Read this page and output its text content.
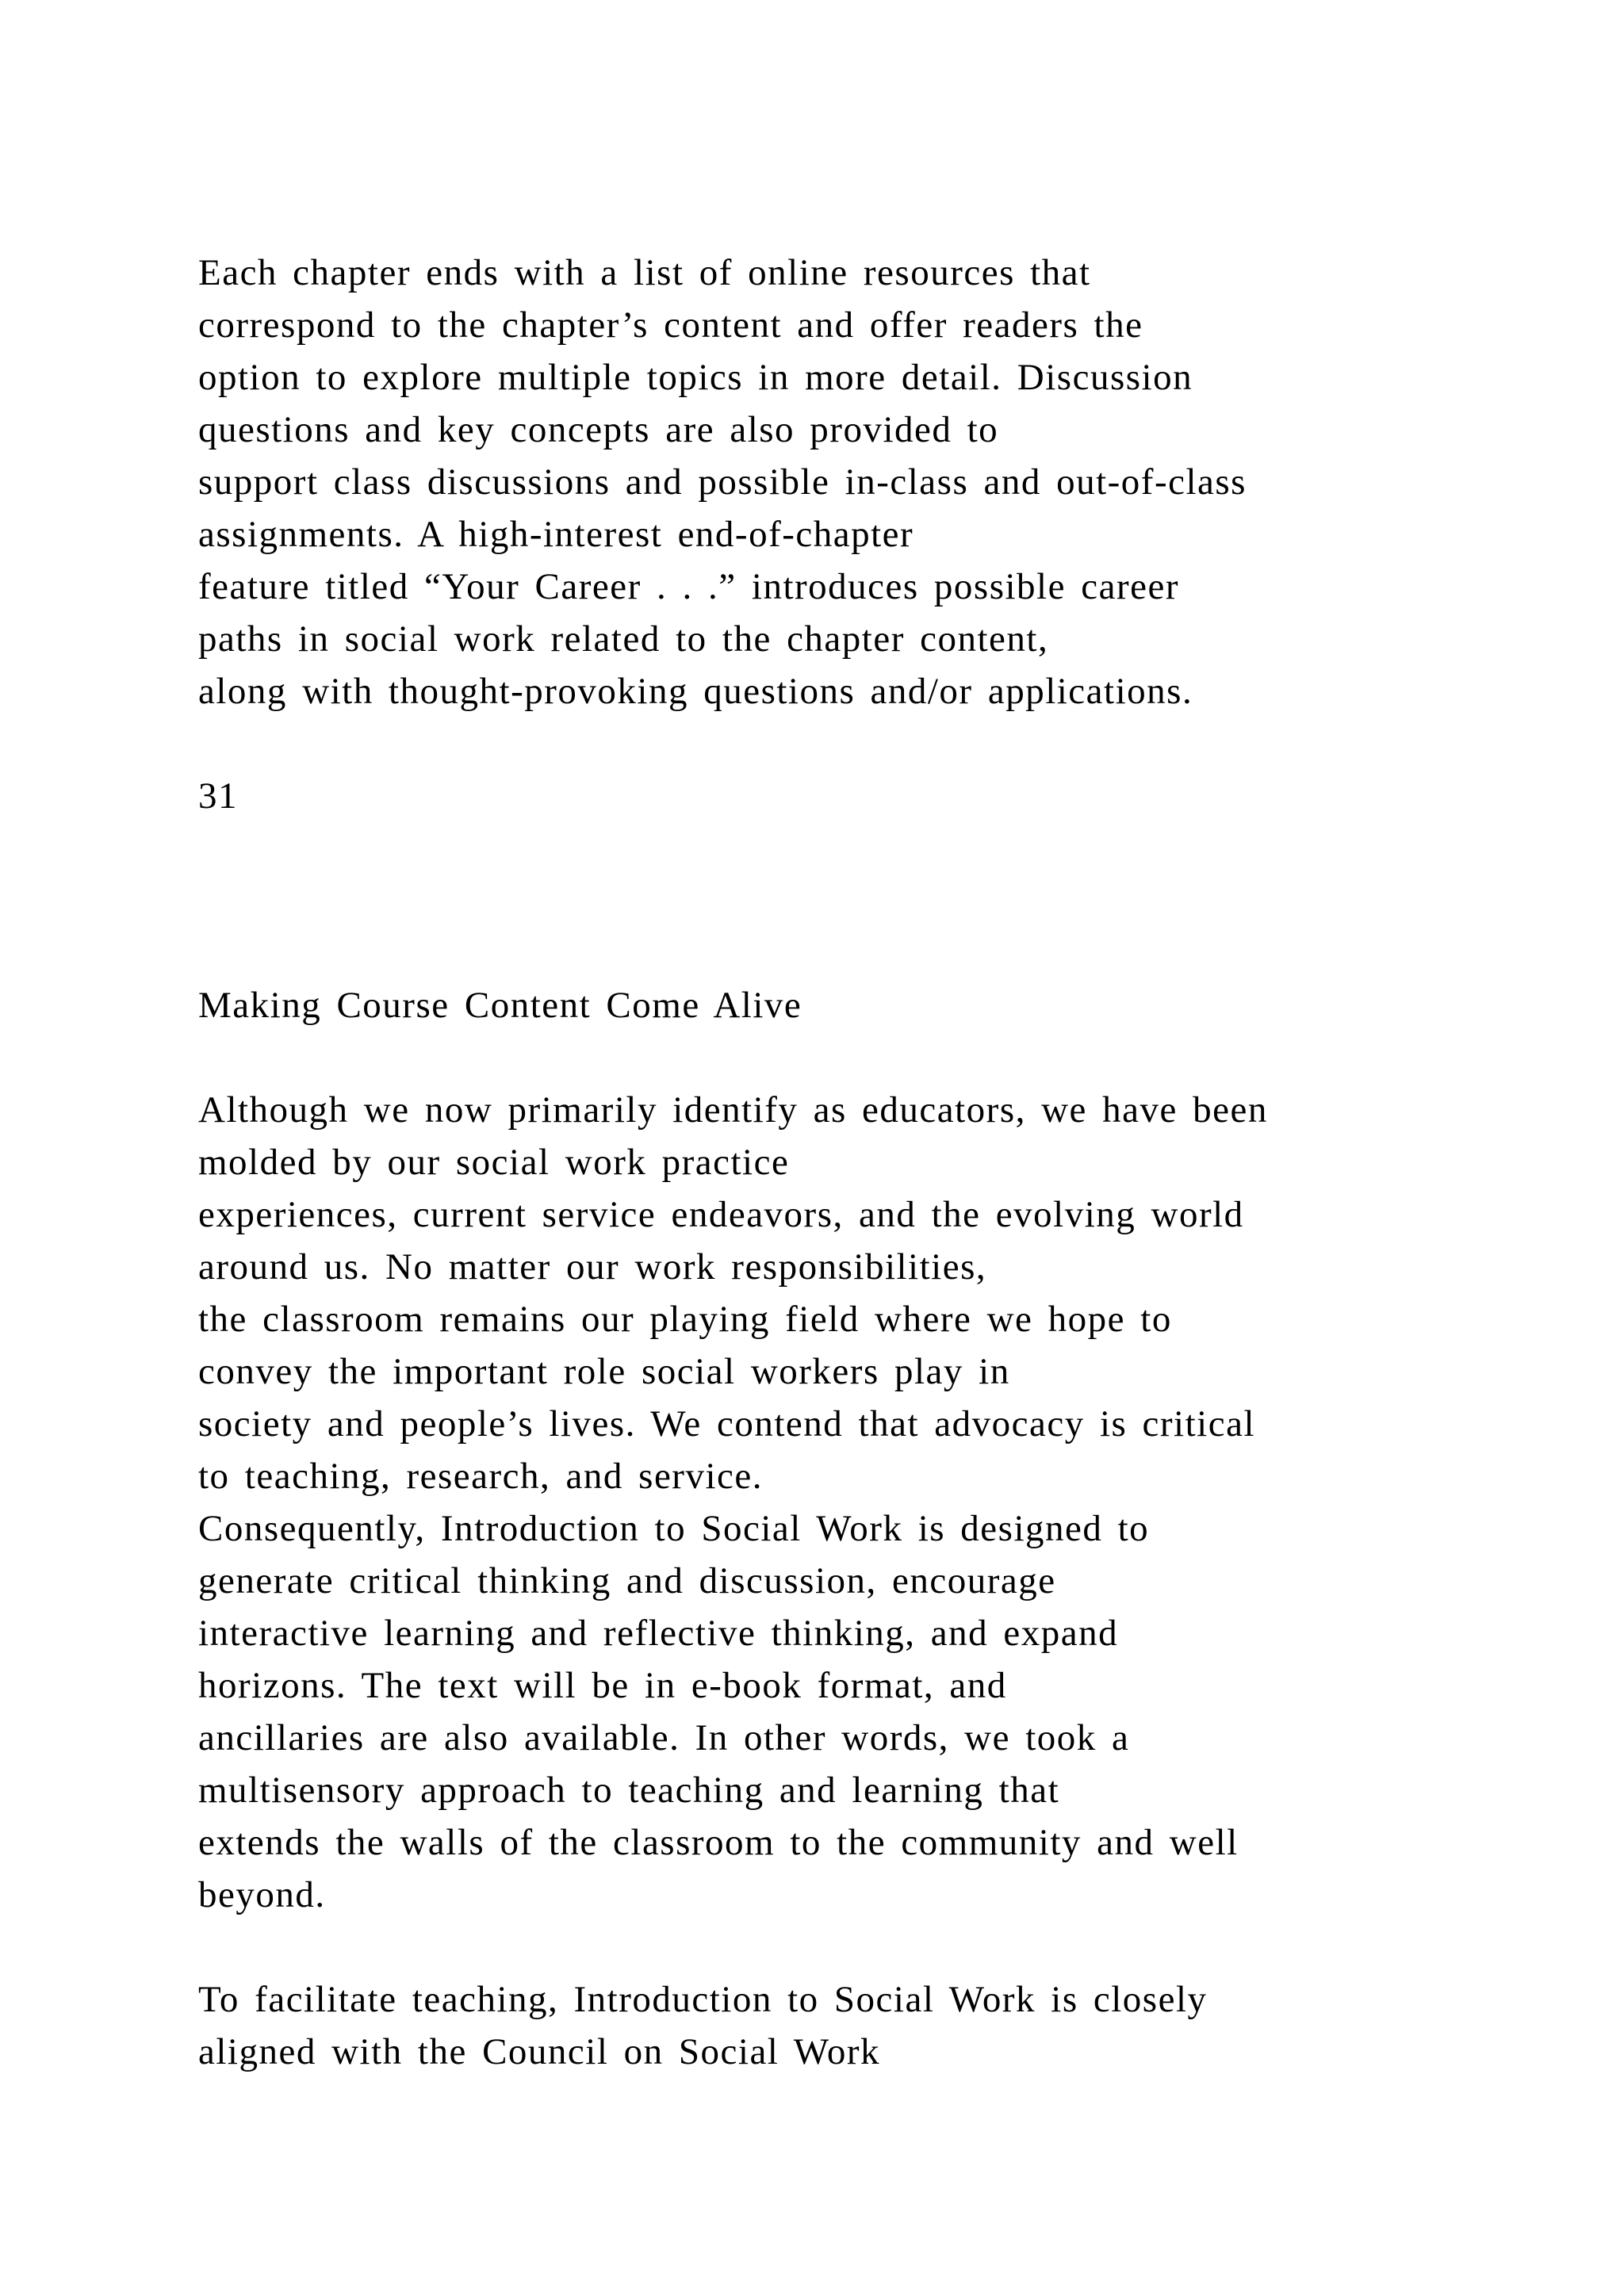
Each chapter ends with a list of online resources that

correspond to the chapter’s content and offer readers the

option to explore multiple topics in more detail. Discussion

questions and key concepts are also provided to

support class discussions and possible in-class and out-of-class

assignments. A high-interest end-of-chapter

feature titled “Your Career . . .” introduces possible career

paths in social work related to the chapter content,

along with thought-provoking questions and/or applications.

31

Making Course Content Come Alive

Although we now primarily identify as educators, we have been

molded by our social work practice

experiences, current service endeavors, and the evolving world

around us. No matter our work responsibilities,

the classroom remains our playing field where we hope to

convey the important role social workers play in

society and people’s lives. We contend that advocacy is critical

to teaching, research, and service.

Consequently, Introduction to Social Work is designed to

generate critical thinking and discussion, encourage

interactive learning and reflective thinking, and expand

horizons. The text will be in e-book format, and

ancillaries are also available. In other words, we took a

multisensory approach to teaching and learning that

extends the walls of the classroom to the community and well

beyond.

To facilitate teaching, Introduction to Social Work is closely

aligned with the Council on Social Work
